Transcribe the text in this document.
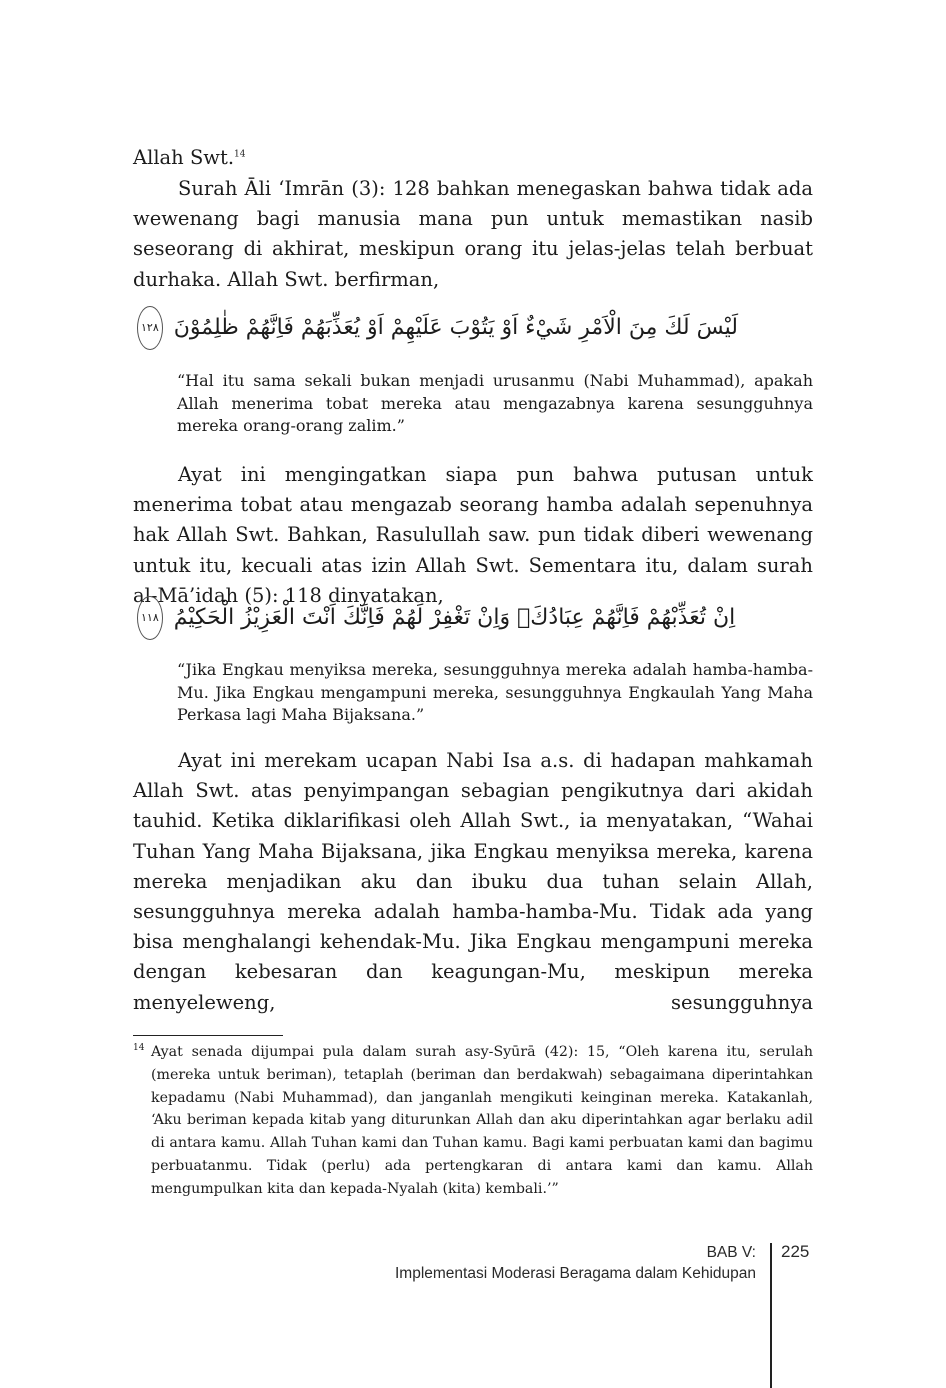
Allah Swt.$^{14}$

Surah Āli ‘Imrān (3): 128 bahkan menegaskan bahwa tidak ada wewenang bagi manusia mana pun untuk memastikan nasib seseorang di akhirat, meskipun orang itu jelas-jelas telah berbuat durhaka. Allah Swt. berfirman,

لَيْسَ لَكَ مِنَ الْاَمْرِ شَيْءٌ اَوْ يَتُوْبَ عَلَيْهِمْ اَوْ يُعَذِّبَهُمْ فَاِنَّهُمْ ظٰلِمُوْنَ ١٢٨

“Hal itu sama sekali bukan menjadi urusanmu (Nabi Muhammad), apakah Allah menerima tobat mereka atau mengazabnya karena sesungguhnya mereka orang-orang zalim.”

Ayat ini mengingatkan siapa pun bahwa putusan untuk menerima tobat atau mengazab seorang hamba adalah sepenuhnya hak Allah Swt. Bahkan, Rasulullah saw. pun tidak diberi wewenang untuk itu, kecuali atas izin Allah Swt. Sementara itu, dalam surah al-Mā’idah (5): 118 dinyatakan,

اِنْ تُعَذِّبْهُمْ فَاِنَّهُمْ عِبَادُكَۚ وَاِنْ تَغْفِرْ لَهُمْ فَاِنَّكَ اَنْتَ الْعَزِيْزُ الْحَكِيْمُ ١١٨

“Jika Engkau menyiksa mereka, sesungguhnya mereka adalah hamba-hamba-Mu. Jika Engkau mengampuni mereka, sesungguhnya Engkaulah Yang Maha Perkasa lagi Maha Bijaksana.”

Ayat ini merekam ucapan Nabi Isa a.s. di hadapan mahkamah Allah Swt. atas penyimpangan sebagian pengikutnya dari akidah tauhid. Ketika diklarifikasi oleh Allah Swt., ia menyatakan, “Wahai Tuhan Yang Maha Bijaksana, jika Engkau menyiksa mereka, karena mereka menjadikan aku dan ibuku dua tuhan selain Allah, sesungguhnya mereka adalah hamba-hamba-Mu. Tidak ada yang bisa menghalangi kehendak-Mu. Jika Engkau mengampuni mereka dengan kebesaran dan keagungan-Mu, meskipun mereka menyeleweng, sesungguhnya

14 Ayat senada dijumpai pula dalam surah asy-Syūrā (42): 15, “Oleh karena itu, serulah (mereka untuk beriman), tetaplah (beriman dan berdakwah) sebagaimana diperintahkan kepadamu (Nabi Muhammad), dan janganlah mengikuti keinginan mereka. Katakanlah, ‘Aku beriman kepada kitab yang diturunkan Allah dan aku diperintahkan agar berlaku adil di antara kamu. Allah Tuhan kami dan Tuhan kamu. Bagi kami perbuatan kami dan bagimu perbuatanmu. Tidak (perlu) ada pertengkaran di antara kami dan kamu. Allah mengumpulkan kita dan kepada-Nyalah (kita) kembali.’”
BAB V:
Implementasi Moderasi Beragama dalam Kehidupan
225
